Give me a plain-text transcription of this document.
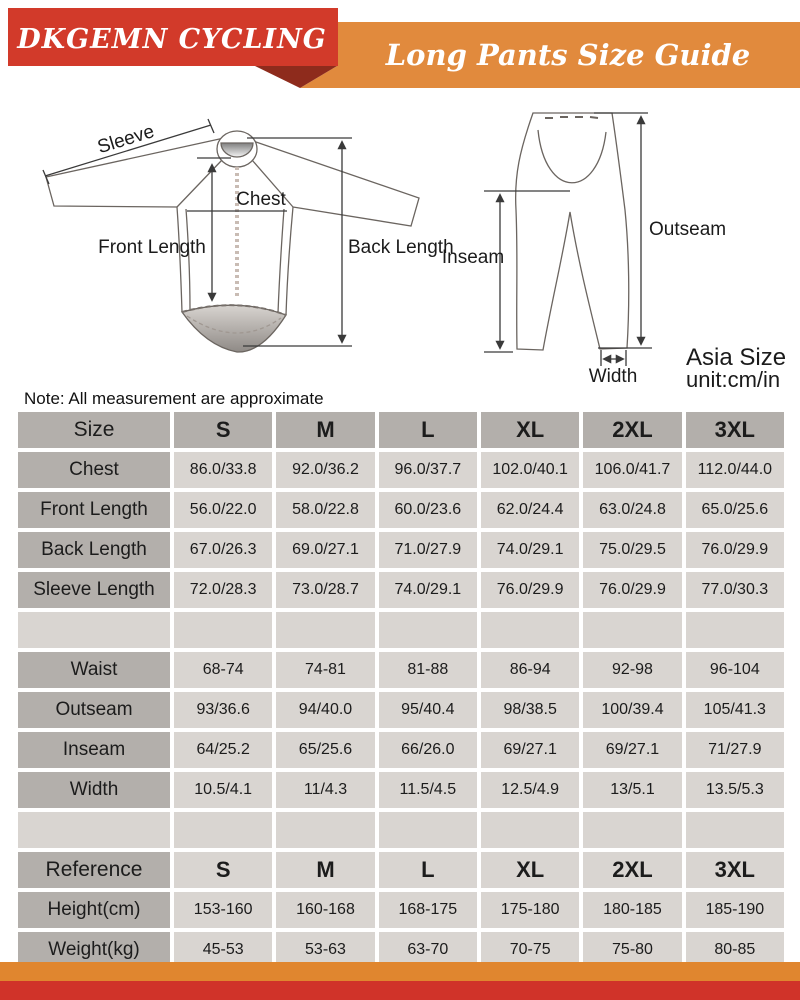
DKGEMN CYCLING Long Pants Size Guide
Sleeve
Chest
Front Length	Back Length
Inseam
Outseam
Width
Asia Size
unit:cm/in
Note: All measurement are approximate
Size	S	M	L	XL	2XL	3XL
Chest	86.0/33.8	92.0/36.2	96.0/37.7	102.0/40.1	106.0/41.7	112.0/44.0
Front Length	56.0/22.0	58.0/22.8	60.0/23.6	62.0/24.4	63.0/24.8	65.0/25.6
Back Length	67.0/26.3	69.0/27.1	71.0/27.9	74.0/29.1	75.0/29.5	76.0/29.9
Sleeve Length	72.0/28.3	73.0/28.7	74.0/29.1	76.0/29.9	76.0/29.9	77.0/30.3

Waist	68-74	74-81	81-88	86-94	92-98	96-104
Outseam	93/36.6	94/40.0	95/40.4	98/38.5	100/39.4	105/41.3
Inseam	64/25.2	65/25.6	66/26.0	69/27.1	69/27.1	71/27.9
Width	10.5/4.1	11/4.3	11.5/4.5	12.5/4.9	13/5.1	13.5/5.3

Reference	S	M	L	XL	2XL	3XL
Height(cm)	153-160	160-168	168-175	175-180	180-185	185-190
Weight(kg)	45-53	53-63	63-70	70-75	75-80	80-85
